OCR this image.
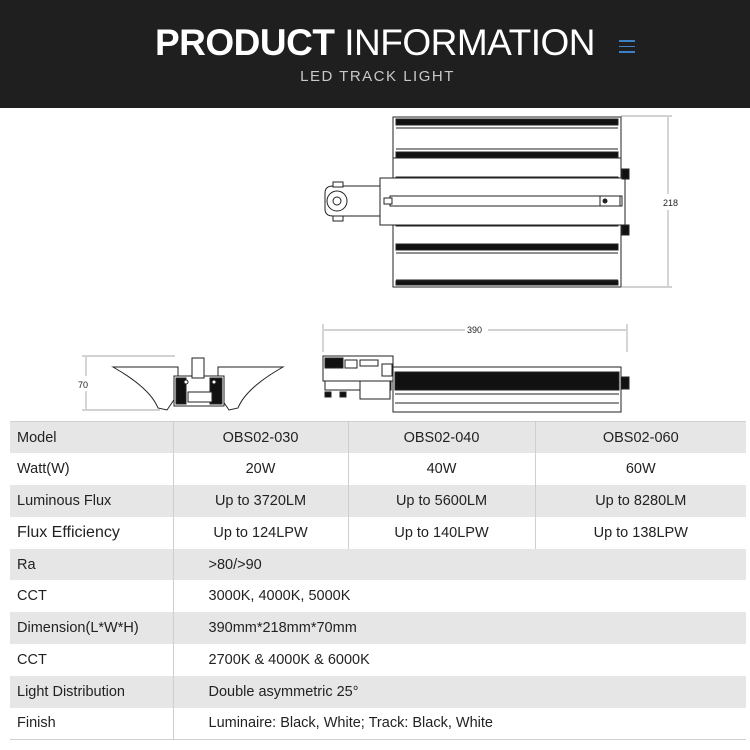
PRODUCT INFORMATION
LED TRACK LIGHT
218
390
70
Model	OBS02-030	OBS02-040	OBS02-060
Watt(W)	20W	40W	60W
Luminous Flux	Up to 3720LM	Up to 5600LM	Up to 8280LM
Flux Efficiency	Up to 124LPW	Up to 140LPW	Up to 138LPW
Ra	>80/>90		
CCT	3000K, 4000K, 5000K		
Dimension(L*W*H)	390mm*218mm*70mm		
CCT	2700K & 4000K & 6000K		
Light Distribution	Double asymmetric 25°		
Finish	Luminaire: Black, White; Track: Black, White		
